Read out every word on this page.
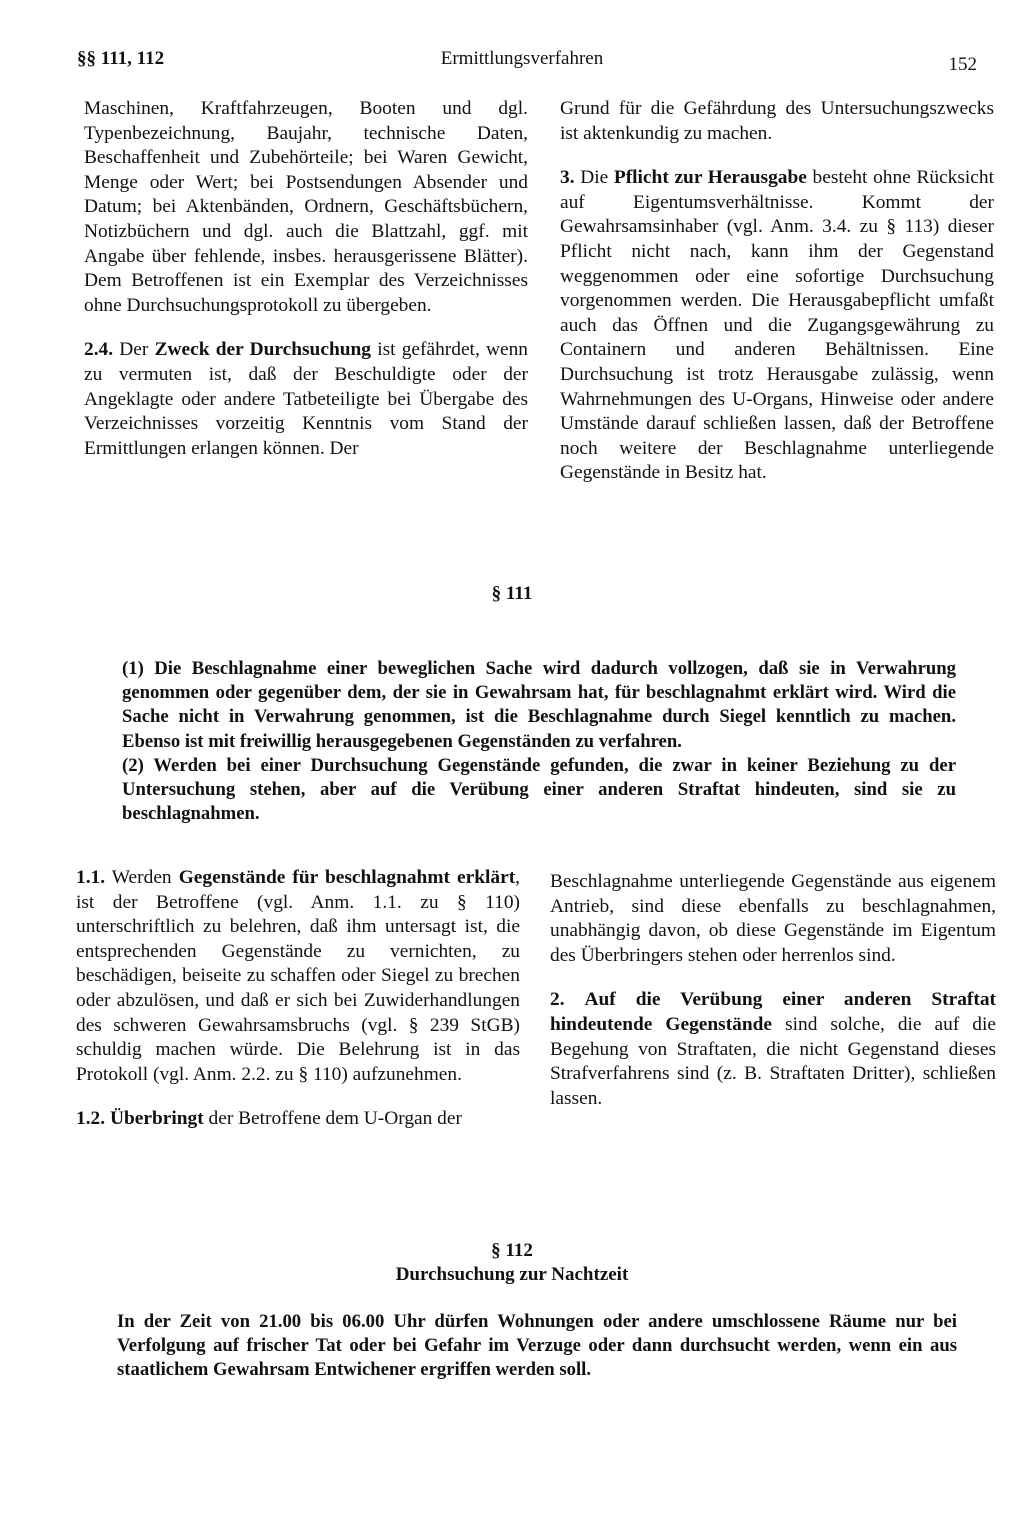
§§ 111, 112	Ermittlungsverfahren	152

Maschinen, Kraftfahrzeugen, Booten und dgl. Typenbezeichnung, Baujahr, technische Daten, Beschaffenheit und Zubehörteile; bei Waren Gewicht, Menge oder Wert; bei Postsendungen Absender und Datum; bei Aktenbänden, Ordnern, Geschäftsbüchern, Notizbüchern und dgl. auch die Blattzahl, ggf. mit Angabe über fehlende, insbes. herausgerissene Blätter). Dem Betroffenen ist ein Exemplar des Verzeichnisses ohne Durchsuchungsprotokoll zu übergeben.

2.4. Der Zweck der Durchsuchung ist gefährdet, wenn zu vermuten ist, daß der Beschuldigte oder der Angeklagte oder andere Tatbeteiligte bei Übergabe des Verzeichnisses vorzeitig Kenntnis vom Stand der Ermittlungen erlangen können. Der

Grund für die Gefährdung des Untersuchungszwecks ist aktenkundig zu machen.

3. Die Pflicht zur Herausgabe besteht ohne Rücksicht auf Eigentumsverhältnisse. Kommt der Gewahrsamsinhaber (vgl. Anm. 3.4. zu § 113) dieser Pflicht nicht nach, kann ihm der Gegenstand weggenommen oder eine sofortige Durchsuchung vorgenommen werden. Die Herausgabepflicht umfaßt auch das Öffnen und die Zugangsgewährung zu Containern und anderen Behältnissen. Eine Durchsuchung ist trotz Herausgabe zulässig, wenn Wahrnehmungen des U-Organs, Hinweise oder andere Umstände darauf schließen lassen, daß der Betroffene noch weitere der Beschlagnahme unterliegende Gegenstände in Besitz hat.

§ 111

(1) Die Beschlagnahme einer beweglichen Sache wird dadurch vollzogen, daß sie in Verwahrung genommen oder gegenüber dem, der sie in Gewahrsam hat, für beschlagnahmt erklärt wird. Wird die Sache nicht in Verwahrung genommen, ist die Beschlagnahme durch Siegel kenntlich zu machen. Ebenso ist mit freiwillig herausgegebenen Gegenständen zu verfahren.

(2) Werden bei einer Durchsuchung Gegenstände gefunden, die zwar in keiner Beziehung zu der Untersuchung stehen, aber auf die Verübung einer anderen Straftat hindeuten, sind sie zu beschlagnahmen.

1.1. Werden Gegenstände für beschlagnahmt erklärt, ist der Betroffene (vgl. Anm. 1.1. zu § 110) unterschriftlich zu belehren, daß ihm untersagt ist, die entsprechenden Gegenstände zu vernichten, zu beschädigen, beiseite zu schaffen oder Siegel zu brechen oder abzulösen, und daß er sich bei Zuwiderhandlungen des schweren Gewahrsamsbruchs (vgl. § 239 StGB) schuldig machen würde. Die Belehrung ist in das Protokoll (vgl. Anm. 2.2. zu § 110) aufzunehmen.

1.2. Überbringt der Betroffene dem U-Organ der

Beschlagnahme unterliegende Gegenstände aus eigenem Antrieb, sind diese ebenfalls zu beschlagnahmen, unabhängig davon, ob diese Gegenstände im Eigentum des Überbringers stehen oder herrenlos sind.

2. Auf die Verübung einer anderen Straftat hindeutende Gegenstände sind solche, die auf die Begehung von Straftaten, die nicht Gegenstand dieses Strafverfahrens sind (z. B. Straftaten Dritter), schließen lassen.

§ 112
Durchsuchung zur Nachtzeit

In der Zeit von 21.00 bis 06.00 Uhr dürfen Wohnungen oder andere umschlossene Räume nur bei Verfolgung auf frischer Tat oder bei Gefahr im Verzuge oder dann durchsucht werden, wenn ein aus staatlichem Gewahrsam Entwichener ergriffen werden soll.
